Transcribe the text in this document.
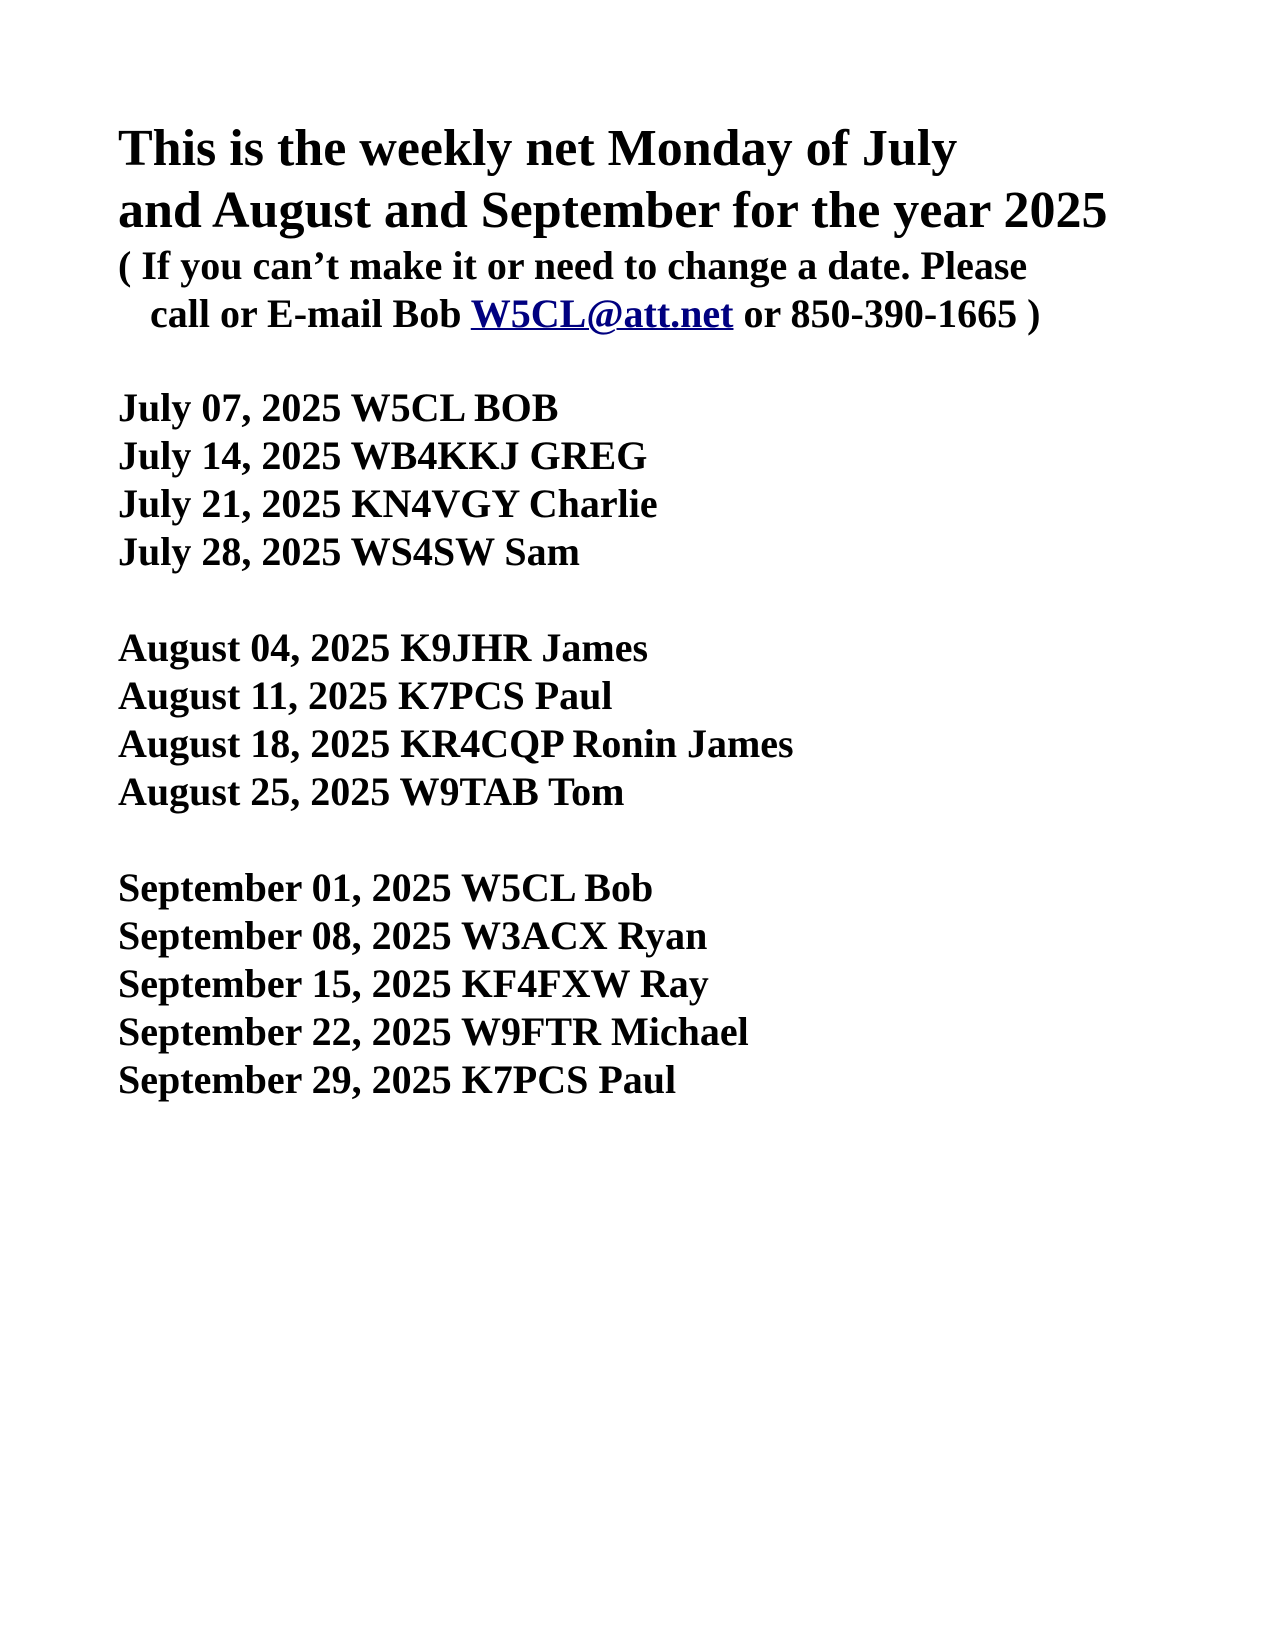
This is the weekly net Monday of July
and August and September for the year 2025
( If you can’t make it or need to change a date. Please
call or E-mail Bob W5CL@att.net or 850-390-1665 )
July 07, 2025 W5CL BOB
July 14, 2025 WB4KKJ GREG
July 21, 2025 KN4VGY Charlie
July 28, 2025 WS4SW Sam
August 04, 2025 K9JHR James
August 11, 2025 K7PCS Paul
August 18, 2025 KR4CQP Ronin James
August 25, 2025 W9TAB Tom
September 01, 2025 W5CL Bob
September 08, 2025 W3ACX Ryan
September 15, 2025 KF4FXW Ray
September 22, 2025 W9FTR Michael
September 29, 2025 K7PCS Paul
